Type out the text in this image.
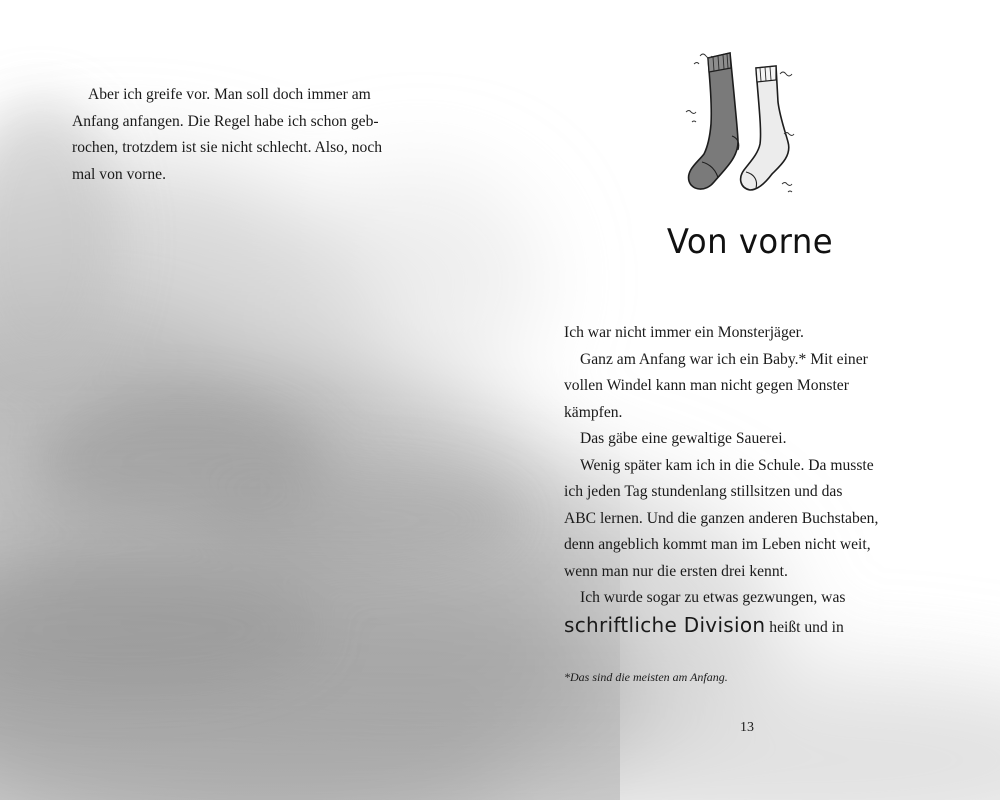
Aber ich greife vor. Man soll doch immer am
Anfang anfangen. Die Regel habe ich schon geb-
rochen, trotzdem ist sie nicht schlecht. Also, noch
mal von vorne.
Von vorne
Ich war nicht immer ein Monsterjäger.
Ganz am Anfang war ich ein Baby.* Mit einer
vollen Windel kann man nicht gegen Monster
kämpfen.
Das gäbe eine gewaltige Sauerei.
Wenig später kam ich in die Schule. Da musste
ich jeden Tag stundenlang stillsitzen und das
ABC lernen. Und die ganzen anderen Buchstaben,
denn angeblich kommt man im Leben nicht weit,
wenn man nur die ersten drei kennt.
Ich wurde sogar zu etwas gezwungen, was
schriftliche Division heißt und in
*Das sind die meisten am Anfang.
13
